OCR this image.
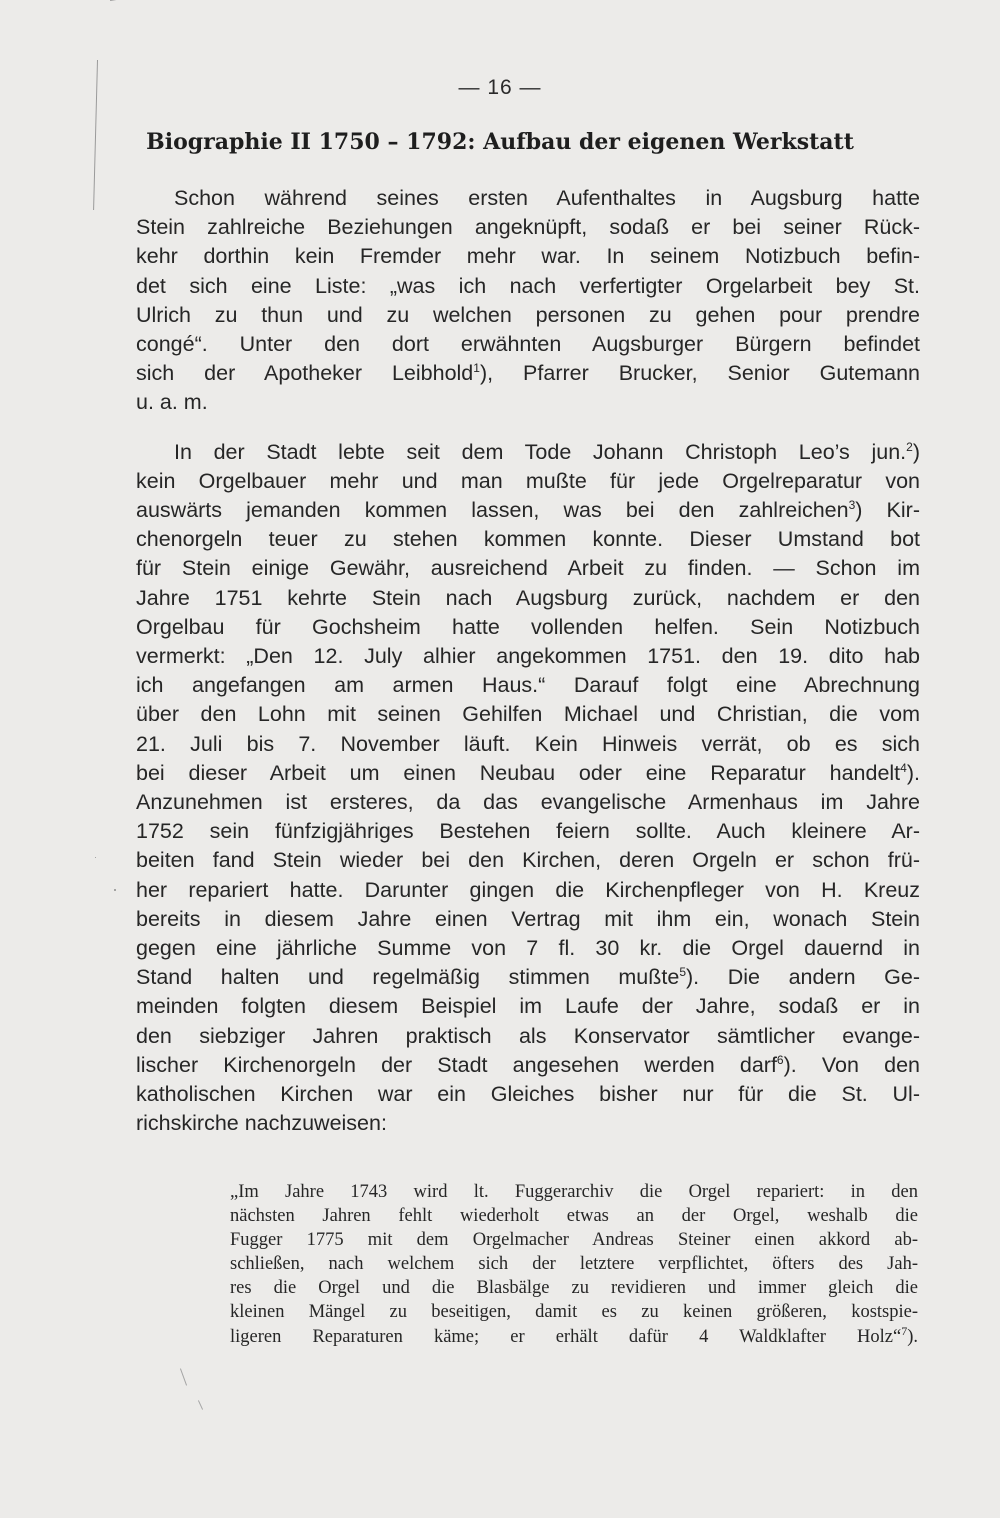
— 16 —
Biographie II 1750 – 1792: Aufbau der eigenen Werkstatt
Schon während seines ersten Aufenthaltes in Augsburg hatte
Stein zahlreiche Beziehungen angeknüpft, sodaß er bei seiner Rück-
kehr dorthin kein Fremder mehr war. In seinem Notizbuch befin-
det sich eine Liste: „was ich nach verfertigter Orgelarbeit bey St.
Ulrich zu thun und zu welchen personen zu gehen pour prendre
congé“. Unter den dort erwähnten Augsburger Bürgern befindet
sich der Apotheker Leibhold$^1$), Pfarrer Brucker, Senior Gutemann
u. a. m.
In der Stadt lebte seit dem Tode Johann Christoph Leo’s jun.$^2$)
kein Orgelbauer mehr und man mußte für jede Orgelreparatur von
auswärts jemanden kommen lassen, was bei den zahlreichen$^3$) Kir-
chenorgeln teuer zu stehen kommen konnte. Dieser Umstand bot
für Stein einige Gewähr, ausreichend Arbeit zu finden. — Schon im
Jahre 1751 kehrte Stein nach Augsburg zurück, nachdem er den
Orgelbau für Gochsheim hatte vollenden helfen. Sein Notizbuch
vermerkt: „Den 12. July alhier angekommen 1751. den 19. dito hab
ich angefangen am armen Haus.“ Darauf folgt eine Abrechnung
über den Lohn mit seinen Gehilfen Michael und Christian, die vom
21. Juli bis 7. November läuft. Kein Hinweis verrät, ob es sich
bei dieser Arbeit um einen Neubau oder eine Reparatur handelt$^4$).
Anzunehmen ist ersteres, da das evangelische Armenhaus im Jahre
1752 sein fünfzigjähriges Bestehen feiern sollte. Auch kleinere Ar-
beiten fand Stein wieder bei den Kirchen, deren Orgeln er schon frü-
her repariert hatte. Darunter gingen die Kirchenpfleger von H. Kreuz
bereits in diesem Jahre einen Vertrag mit ihm ein, wonach Stein
gegen eine jährliche Summe von 7 fl. 30 kr. die Orgel dauernd in
Stand halten und regelmäßig stimmen mußte$^5$). Die andern Ge-
meinden folgten diesem Beispiel im Laufe der Jahre, sodaß er in
den siebziger Jahren praktisch als Konservator sämtlicher evange-
lischer Kirchenorgeln der Stadt angesehen werden darf$^6$). Von den
katholischen Kirchen war ein Gleiches bisher nur für die St. Ul-
richskirche nachzuweisen:
„Im Jahre 1743 wird lt. Fuggerarchiv die Orgel repariert: in den
nächsten Jahren fehlt wiederholt etwas an der Orgel, weshalb die
Fugger 1775 mit dem Orgelmacher Andreas Steiner einen akkord ab-
schließen, nach welchem sich der letztere verpflichtet, öfters des Jah-
res die Orgel und die Blasbälge zu revidieren und immer gleich die
kleinen Mängel zu beseitigen, damit es zu keinen größeren, kostspie-
ligeren Reparaturen käme; er erhält dafür 4 Waldklafter Holz“$^7$).
